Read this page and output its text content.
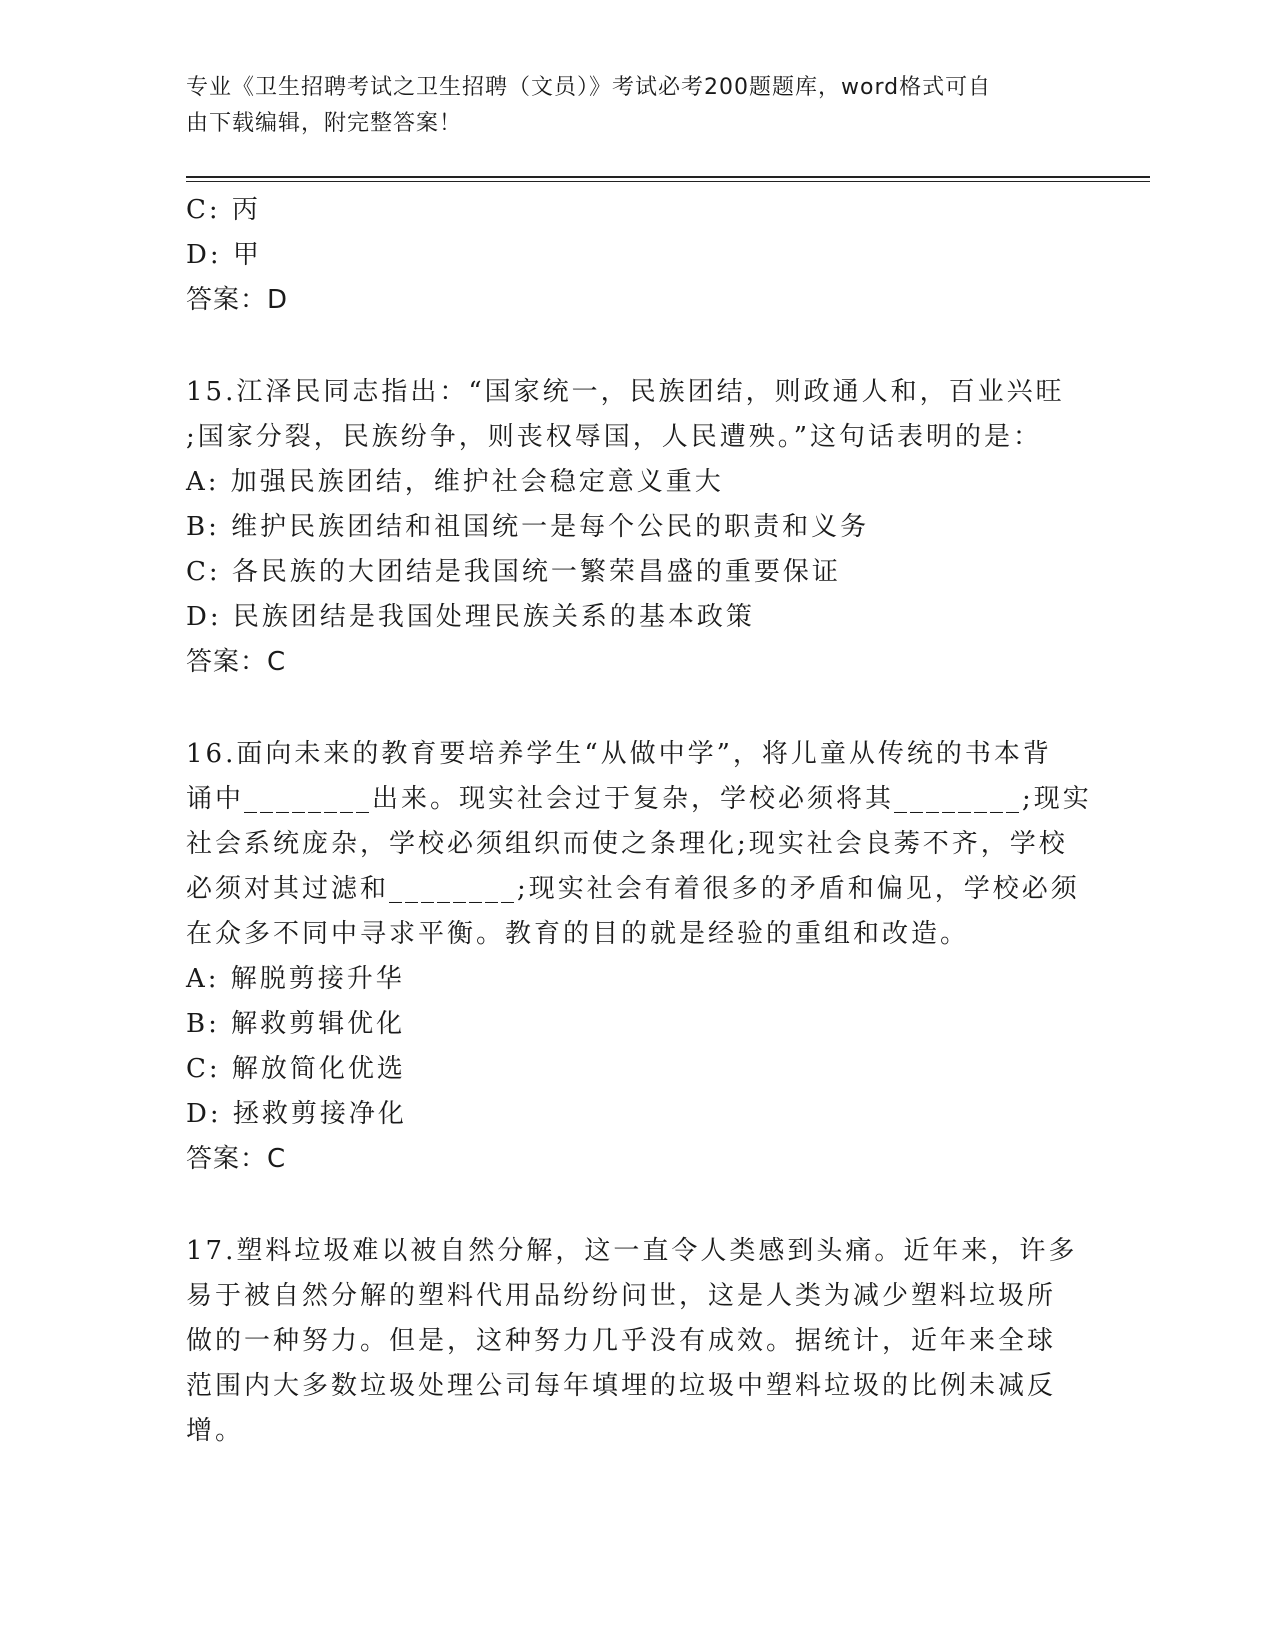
专业《卫生招聘考试之卫生招聘（文员）》考试必考200题题库，word格式可自
由下载编辑，附完整答案！
C: 丙
D: 甲
答案：D
15.江泽民同志指出：“国家统一，民族团结，则政通人和，百业兴旺
;国家分裂，民族纷争，则丧权辱国，人民遭殃。”这句话表明的是：
A: 加强民族团结，维护社会稳定意义重大
B: 维护民族团结和祖国统一是每个公民的职责和义务
C: 各民族的大团结是我国统一繁荣昌盛的重要保证
D: 民族团结是我国处理民族关系的基本政策
答案：C
16.面向未来的教育要培养学生“从做中学”，将儿童从传统的书本背
诵中________出来。现实社会过于复杂，学校必须将其________;现实
社会系统庞杂，学校必须组织而使之条理化;现实社会良莠不齐，学校
必须对其过滤和________;现实社会有着很多的矛盾和偏见，学校必须
在众多不同中寻求平衡。教育的目的就是经验的重组和改造。
A: 解脱剪接升华
B: 解救剪辑优化
C: 解放简化优选
D: 拯救剪接净化
答案：C
17.塑料垃圾难以被自然分解，这一直令人类感到头痛。近年来，许多
易于被自然分解的塑料代用品纷纷问世，这是人类为减少塑料垃圾所
做的一种努力。但是，这种努力几乎没有成效。据统计，近年来全球
范围内大多数垃圾处理公司每年填埋的垃圾中塑料垃圾的比例未减反
增。
